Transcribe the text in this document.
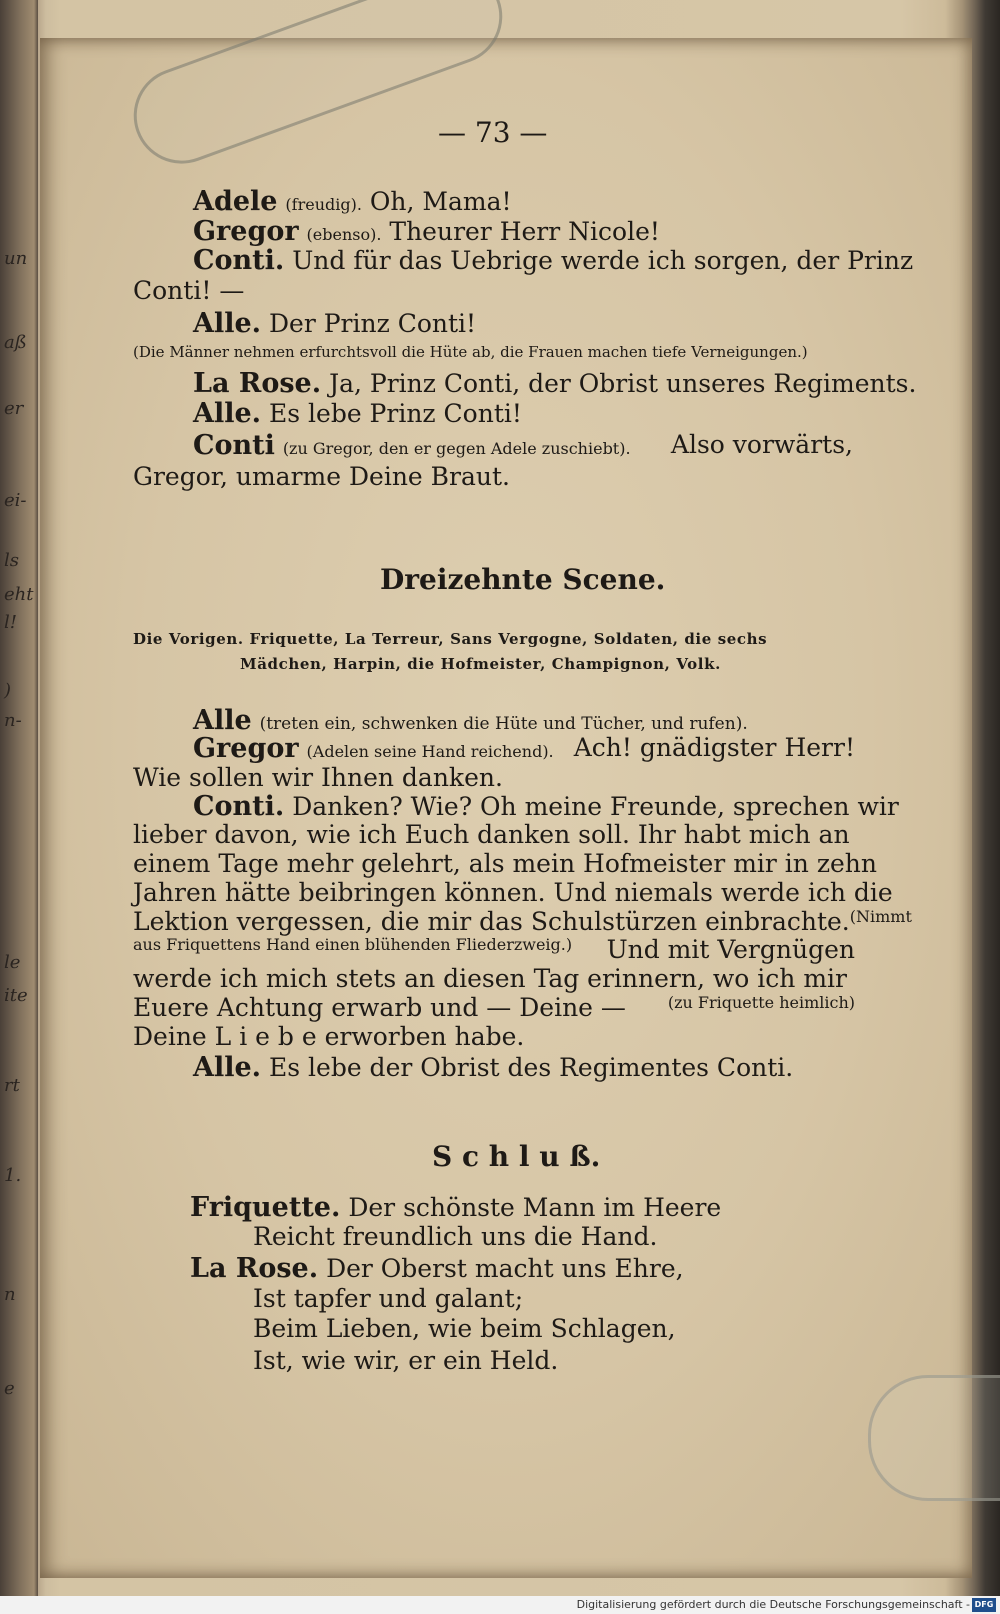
un
aß
er
ei-
ls
eht
l!
)
n-
le
ite
rt
1.
n
e
— 73 —
Adele (freudig). Oh, Mama!
Gregor (ebenso). Theurer Herr Nicole!
Conti. Und für das Uebrige werde ich sorgen, der Prinz
Conti! —
Alle. Der Prinz Conti!
(Die Männer nehmen erfurchtsvoll die Hüte ab, die Frauen machen tiefe Verneigungen.)
La Rose. Ja, Prinz Conti, der Obrist unseres Regiments.
Alle. Es lebe Prinz Conti!
Conti (zu Gregor, den er gegen Adele zuschiebt). Also vorwärts,
Gregor, umarme Deine Braut.
Dreizehnte Scene.
Die Vorigen. Friquette, La Terreur, Sans Vergogne, Soldaten, die sechs
Mädchen, Harpin, die Hofmeister, Champignon, Volk.
Alle (treten ein, schwenken die Hüte und Tücher, und rufen).
Gregor (Adelen seine Hand reichend). Ach! gnädigster Herr!
Wie sollen wir Ihnen danken.
Conti. Danken? Wie? Oh meine Freunde, sprechen wir
lieber davon, wie ich Euch danken soll. Ihr habt mich an
einem Tage mehr gelehrt, als mein Hofmeister mir in zehn
Jahren hätte beibringen können. Und niemals werde ich die
Lektion vergessen, die mir das Schulstürzen einbrachte. (Nimmt
aus Friquettens Hand einen blühenden Fliederzweig.) Und mit Vergnügen
werde ich mich stets an diesen Tag erinnern, wo ich mir
Euere Achtung erwarb und — Deine —	(zu Friquette heimlich)
Deine L i e b e erworben habe.
Alle. Es lebe der Obrist des Regimentes Conti.
S c h l u ß.
Friquette. Der schönste Mann im Heere
Reicht freundlich uns die Hand.
La Rose. Der Oberst macht uns Ehre,
Ist tapfer und galant;
Beim Lieben, wie beim Schlagen,
Ist, wie wir, er ein Held.
Digitalisierung gefördert durch die Deutsche Forschungsgemeinschaft - DFG
